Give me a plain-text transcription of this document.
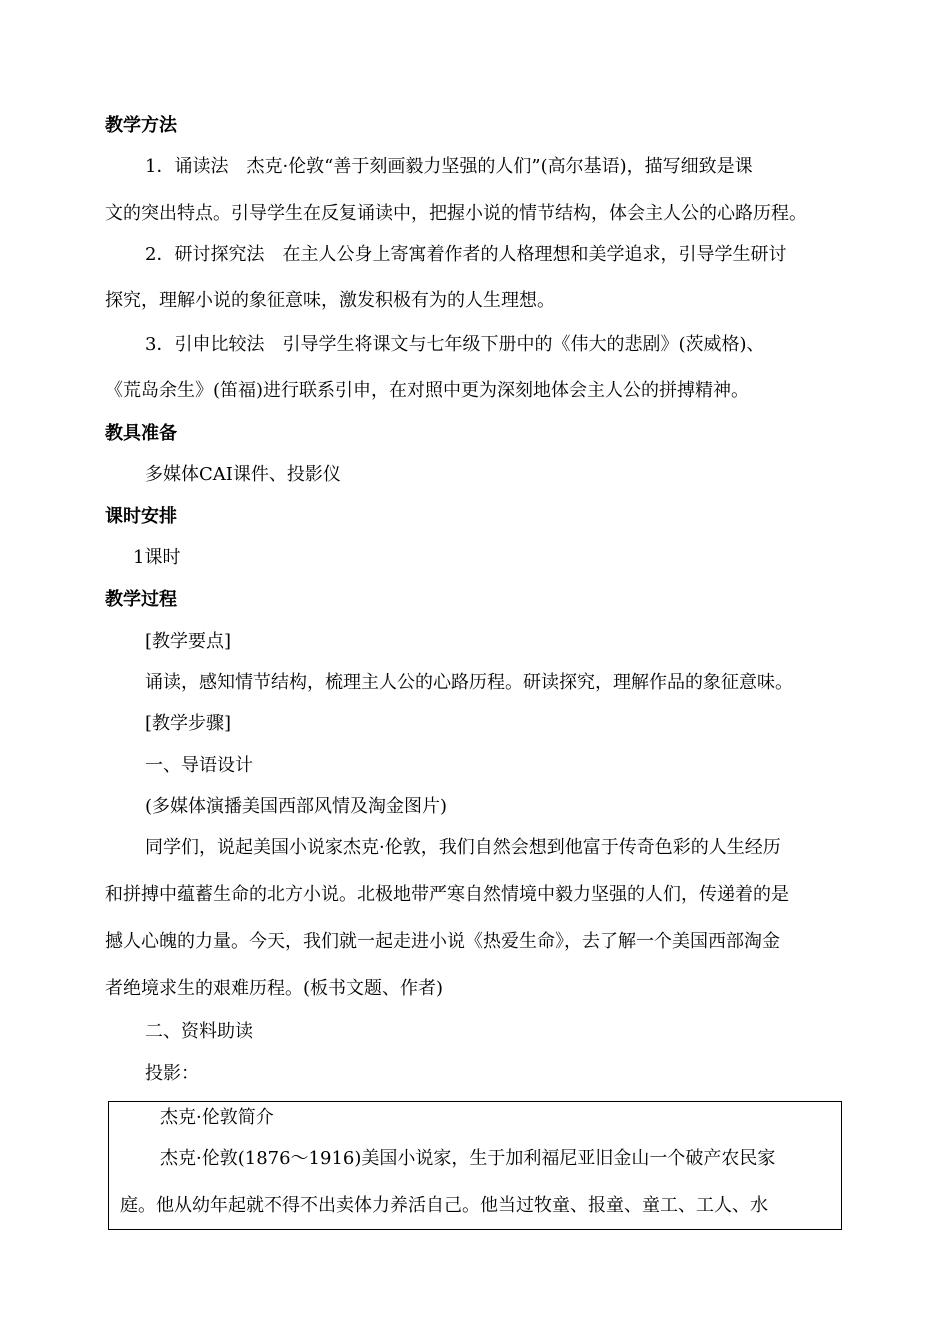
教学方法
1．诵读法　杰克·伦敦“善于刻画毅力坚强的人们”(高尔基语)，描写细致是课
文的突出特点。引导学生在反复诵读中，把握小说的情节结构，体会主人公的心路历程。
2．研讨探究法　在主人公身上寄寓着作者的人格理想和美学追求，引导学生研讨
探究，理解小说的象征意味，激发积极有为的人生理想。
3．引申比较法　引导学生将课文与七年级下册中的《伟大的悲剧》(茨威格)、
《荒岛余生》(笛福)进行联系引申，在对照中更为深刻地体会主人公的拼搏精神。
教具准备
多媒体CAI课件、投影仪
课时安排
1课时
教学过程
[教学要点]
诵读，感知情节结构，梳理主人公的心路历程。研读探究，理解作品的象征意味。
[教学步骤]
一、导语设计
(多媒体演播美国西部风情及淘金图片)
同学们，说起美国小说家杰克·伦敦，我们自然会想到他富于传奇色彩的人生经历
和拼搏中蕴蓄生命的北方小说。北极地带严寒自然情境中毅力坚强的人们，传递着的是
撼人心魄的力量。今天，我们就一起走进小说《热爱生命》，去了解一个美国西部淘金
者绝境求生的艰难历程。(板书文题、作者)
二、资料助读
投影：
杰克·伦敦简介
杰克·伦敦(1876～1916)美国小说家，生于加利福尼亚旧金山一个破产农民家
庭。他从幼年起就不得不出卖体力养活自己。他当过牧童、报童、童工、工人、水
